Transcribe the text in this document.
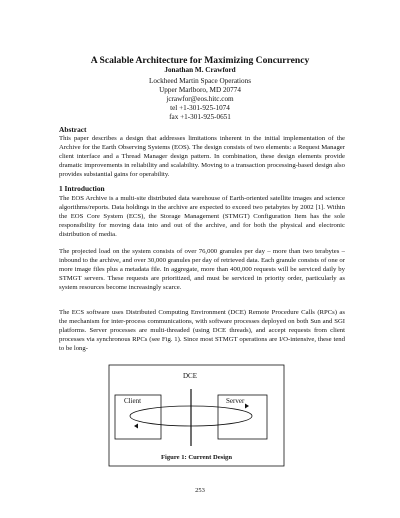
A Scalable Architecture for Maximizing Concurrency
Jonathan M. Crawford
Lockheed Martin Space Operations
Upper Marlboro, MD 20774
jcrawfor@eos.hitc.com
tel +1-301-925-1074
fax +1-301-925-0651
Abstract
This paper describes a design that addresses limitations inherent in the initial implementation of the Archive for the Earth Observing Systems (EOS). The design consists of two elements: a Request Manager client interface and a Thread Manager design pattern. In combination, these design elements provide dramatic improvements in reliability and scalability. Moving to a transaction processing-based design also provides substantial gains for operability.
1 Introduction
The EOS Archive is a multi-site distributed data warehouse of Earth-oriented satellite images and science algorithms/reports. Data holdings in the archive are expected to exceed two petabytes by 2002 [1]. Within the EOS Core System (ECS), the Storage Management (STMGT) Configuration Item has the sole responsibility for moving data into and out of the archive, and for both the physical and electronic distribution of media.
The projected load on the system consists of over 76,000 granules per day – more than two terabytes – inbound to the archive, and over 30,000 granules per day of retrieved data. Each granule consists of one or more image files plus a metadata file. In aggregate, more than 400,000 requests will be serviced daily by STMGT servers. These requests are prioritized, and must be serviced in priority order, particularly as system resources become increasingly scarce.
The ECS software uses Distributed Computing Environment (DCE) Remote Procedure Calls (RPCs) as the mechanism for inter-process communications, with software processes deployed on both Sun and SGI platforms. Server processes are multi-threaded (using DCE threads), and accept requests from client processes via synchronous RPCs (see Fig. 1). Since most STMGT operations are I/O-intensive, these tend to be long-
DCE
Client	Server
Figure 1: Current Design
253
